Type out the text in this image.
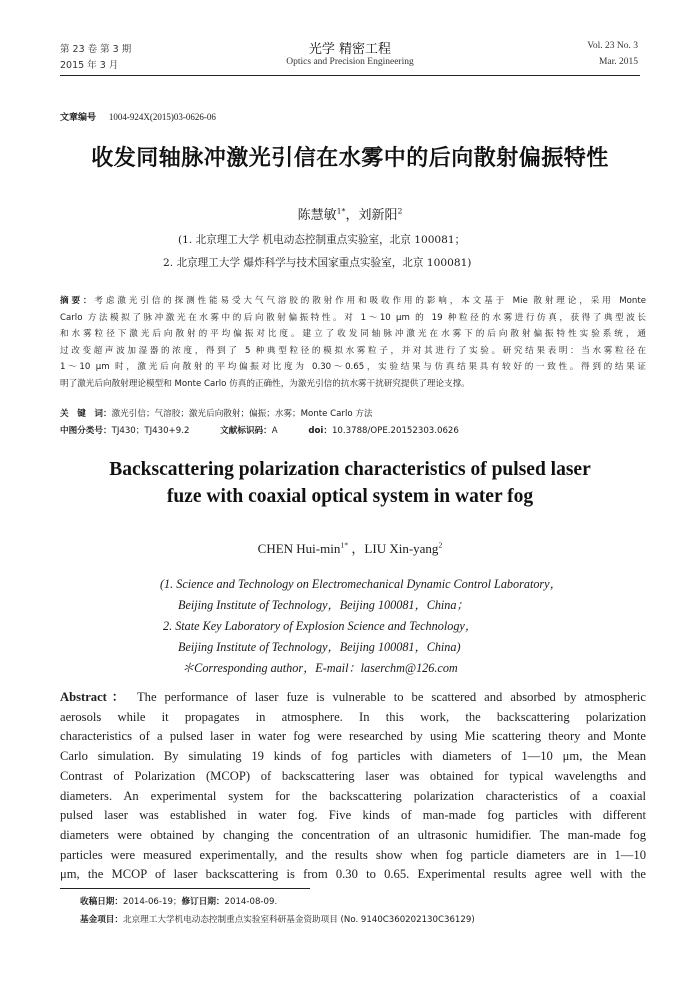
第 23 卷 第 3 期
2015 年 3 月
光学 精密工程
Optics and Precision Engineering
Vol. 23 No. 3
Mar. 2015
文章编号 1004-924X(2015)03-0626-06
收发同轴脉冲激光引信在水雾中的后向散射偏振特性
陈慧敏$^{1*}$，刘新阳$^2$
(1. 北京理工大学 机电动态控制重点实验室，北京 100081；
2. 北京理工大学 爆炸科学与技术国家重点实验室，北京 100081)
摘要：考虑激光引信的探测性能易受大气气溶胶的散射作用和吸收作用的影响，本文基于 Mie 散射理论，采用 Monte
Carlo 方法模拟了脉冲激光在水雾中的后向散射偏振特性。对 1～10 μm 的 19 种粒径的水雾进行仿真，获得了典型波长
和水雾粒径下激光后向散射的平均偏振对比度。建立了收发同轴脉冲激光在水雾下的后向散射偏振特性实验系统，通
过改变超声波加湿器的浓度，得到了 5 种典型粒径的模拟水雾粒子，并对其进行了实验。研究结果表明：当水雾粒径在
1～10 μm 时，激光后向散射的平均偏振对比度为 0.30～0.65，实验结果与仿真结果具有较好的一致性。得到的结果证
明了激光后向散射理论模型和 Monte Carlo 仿真的正确性，为激光引信的抗水雾干扰研究提供了理论支撑。
关　键　词：激光引信；气溶胶；激光后向散射；偏振；水雾；Monte Carlo 方法
中图分类号：TJ430；TJ430+9.2	文献标识码：A	doi：10.3788/OPE.20152303.0626
Backscattering polarization characteristics of pulsed laser
fuze with coaxial optical system in water fog
CHEN Hui-$\min^{1*}$ ，LIU Xin-yang$^2$
(1. Science and Technology on Electromechanical Dynamic Control Laboratory，
Beijing Institute of Technology，Beijing 100081，China；
2. State Key Laboratory of Explosion Science and Technology，
Beijing Institute of Technology，Beijing 100081，China)
＊Corresponding author，E-mail：laserchm@126.com
Abstract： The performance of laser fuze is vulnerable to be scattered and absorbed by atmospheric
aerosols while it propagates in atmosphere. In this work, the backscattering polarization
characteristics of a pulsed laser in water fog were researched by using Mie scattering theory and Monte
Carlo simulation. By simulating 19 kinds of fog particles with diameters of 1—10 μm, the Mean
Contrast of Polarization (MCOP) of backscattering laser was obtained for typical wavelengths and
diameters. An experimental system for the backscattering polarization characteristics of a coaxial
pulsed laser was established in water fog. Five kinds of man-made fog particles with different
diameters were obtained by changing the concentration of an ultrasonic humidifier. The man-made fog
particles were measured experimentally, and the results show when fog particle diameters are in 1—10
μm, the MCOP of laser backscattering is from 0.30 to 0.65. Experimental results agree well with the
收稿日期：2014-06-19；修订日期：2014-08-09.
基金项目：北京理工大学机电动态控制重点实验室科研基金资助项目 (No. 9140C360202130C36129)
